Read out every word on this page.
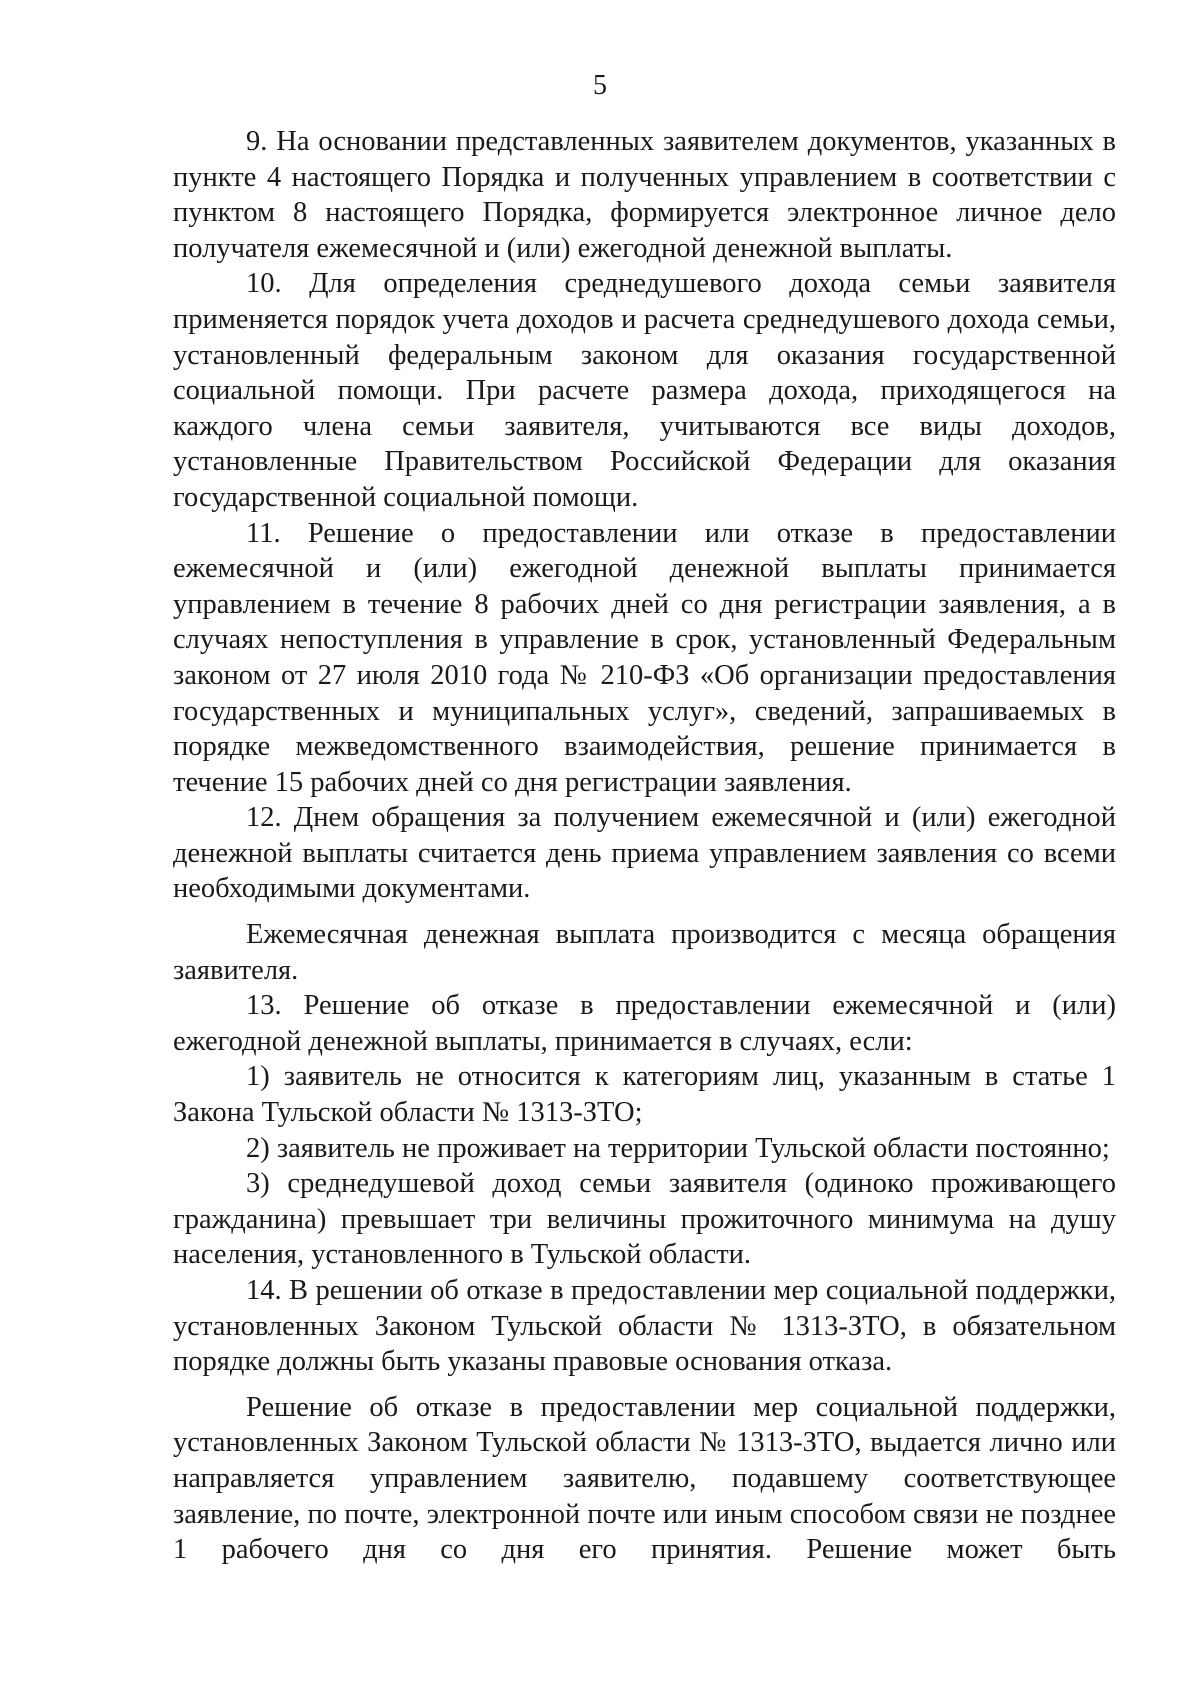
5

9. На основании представленных заявителем документов, указанных в пункте 4 настоящего Порядка и полученных управлением в соответствии с пунктом 8 настоящего Порядка, формируется электронное личное дело получателя ежемесячной и (или) ежегодной денежной выплаты.

10. Для определения среднедушевого дохода семьи заявителя применяется порядок учета доходов и расчета среднедушевого дохода семьи, установленный федеральным законом для оказания государственной социальной помощи. При расчете размера дохода, приходящегося на каждого члена семьи заявителя, учитываются все виды доходов, установленные Правительством Российской Федерации для оказания государственной социальной помощи.

11. Решение о предоставлении или отказе в предоставлении ежемесячной и (или) ежегодной денежной выплаты принимается управлением в течение 8 рабочих дней со дня регистрации заявления, а в случаях непоступления в управление в срок, установленный Федеральным законом от 27 июля 2010 года № 210-ФЗ «Об организации предоставления государственных и муниципальных услуг», сведений, запрашиваемых в порядке межведомственного взаимодействия, решение принимается в течение 15 рабочих дней со дня регистрации заявления.

12. Днем обращения за получением ежемесячной и (или) ежегодной денежной выплаты считается день приема управлением заявления со всеми необходимыми документами.

Ежемесячная денежная выплата производится с месяца обращения заявителя.

13. Решение об отказе в предоставлении ежемесячной и (или) ежегодной денежной выплаты, принимается в случаях, если:

1) заявитель не относится к категориям лиц, указанным в статье 1 Закона Тульской области № 1313-ЗТО;

2) заявитель не проживает на территории Тульской области постоянно;

3) среднедушевой доход семьи заявителя (одиноко проживающего гражданина) превышает три величины прожиточного минимума на душу населения, установленного в Тульской области.

14. В решении об отказе в предоставлении мер социальной поддержки, установленных Законом Тульской области № 1313-ЗТО, в обязательном порядке должны быть указаны правовые основания отказа.

Решение об отказе в предоставлении мер социальной поддержки, установленных Законом Тульской области № 1313-ЗТО, выдается лично или направляется управлением заявителю, подавшему соответствующее заявление, по почте, электронной почте или иным способом связи не позднее 1 рабочего дня со дня его принятия. Решение может быть
